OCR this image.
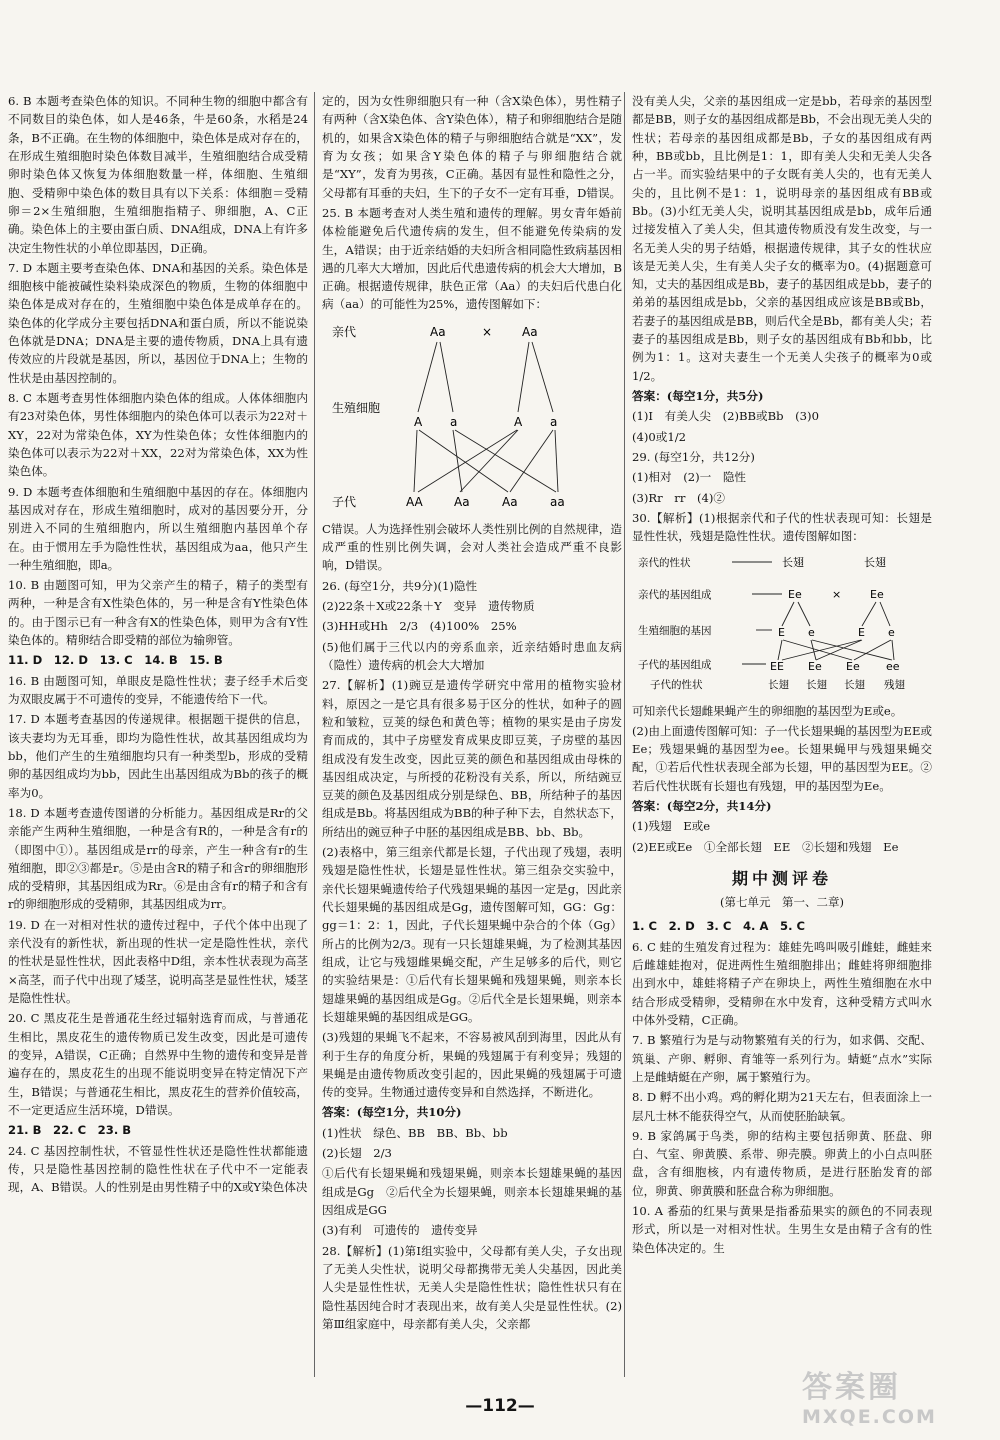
6. B 本题考查染色体的知识。不同种生物的细胞中都含有不同数目的染色体，如人是46条，牛是60条，水稻是24条，B不正确。在生物的体细胞中，染色体是成对存在的，在形成生殖细胞时染色体数目减半，生殖细胞结合成受精卵时染色体又恢复为体细胞数量一样，体细胞、生殖细胞、受精卵中染色体的数目具有以下关系：体细胞＝受精卵＝2×生殖细胞，生殖细胞指精子、卵细胞，A、C正确。染色体上的主要由蛋白质、DNA组成，DNA上有许多决定生物性状的小单位即基因，D正确。

7. D 本题主要考查染色体、DNA和基因的关系。染色体是细胞核中能被碱性染料染成深色的物质，生物的体细胞中染色体是成对存在的，生殖细胞中染色体是成单存在的。染色体的化学成分主要包括DNA和蛋白质，所以不能说染色体就是DNA；DNA是主要的遗传物质，DNA上具有遗传效应的片段就是基因，所以，基因位于DNA上；生物的性状是由基因控制的。

8. C 本题考查男性体细胞内染色体的组成。人体体细胞内有23对染色体，男性体细胞内的染色体可以表示为22对＋XY，22对为常染色体，XY为性染色体；女性体细胞内的染色体可以表示为22对＋XX，22对为常染色体，XX为性染色体。

9. D 本题考查体细胞和生殖细胞中基因的存在。体细胞内基因成对存在，形成生殖细胞时，成对的基因要分开，分别进入不同的生殖细胞内，所以生殖细胞内基因单个存在。由于惯用左手为隐性性状，基因组成为aa，他只产生一种生殖细胞，即a。

10. B 由题图可知，甲为父亲产生的精子，精子的类型有两种，一种是含有X性染色体的，另一种是含有Y性染色体的。由于图示已有一种含有X的性染色体，则甲为含有Y性染色体的。精卵结合即受精的部位为输卵管。

11. D　12. D　13. C　14. B　15. B

16. B 由题图可知，单眼皮是隐性性状；妻子经手术后变为双眼皮属于不可遗传的变异，不能遗传给下一代。

17. D 本题考查基因的传递规律。根据题干提供的信息，该夫妻均为无耳垂，即均为隐性性状，故其基因组成均为bb，他们产生的生殖细胞均只有一种类型b，形成的受精卵的基因组成均为bb，因此生出基因组成为Bb的孩子的概率为0。

18. D 本题考查遗传图谱的分析能力。基因组成是Rr的父亲能产生两种生殖细胞，一种是含有R的，一种是含有r的（即图中①）。基因组成是rr的母亲，产生一种含有r的生殖细胞，即②③都是r。⑤是由含R的精子和含r的卵细胞形成的受精卵，其基因组成为Rr。⑥是由含有r的精子和含有r的卵细胞形成的受精卵，其基因组成为rr。

19. D 在一对相对性状的遗传过程中，子代个体中出现了亲代没有的新性状，新出现的性状一定是隐性性状，亲代的性状是显性性状，因此表格中D组，亲本性状表现为高茎×高茎，而子代中出现了矮茎，说明高茎是显性性状，矮茎是隐性性状。

20. C 黑皮花生是普通花生经过辐射选育而成，与普通花生相比，黑皮花生的遗传物质已发生改变，因此是可遗传的变异，A错误，C正确；自然界中生物的遗传和变异是普遍存在的，黑皮花生的出现不能说明变异在特定情况下产生，B错误；与普通花生相比，黑皮花生的营养价值较高，不一定更适应生活环境，D错误。

21. B　22. C　23. B

24. C 基因控制性状，不管显性性状还是隐性性状都能遗传，只是隐性基因控制的隐性性状在子代中不一定能表现，A、B错误。人的性别是由男性精子中的X或Y染色体决

定的，因为女性卵细胞只有一种（含X染色体），男性精子有两种（含X染色体、含Y染色体），精子和卵细胞结合是随机的，如果含X染色体的精子与卵细胞结合就是“XX”，发育为女孩；如果含Y染色体的精子与卵细胞结合就是“XY”，发育为男孩，C正确。基因有显性和隐性之分，父母都有耳垂的夫妇，生下的子女不一定有耳垂，D错误。

25. B 本题考查对人类生殖和遗传的理解。男女青年婚前体检能避免后代遗传病的发生，但不能避免传染病的发生，A错误；由于近亲结婚的夫妇所含相同隐性致病基因相遇的几率大大增加，因此后代患遗传病的机会大大增加，B正确。根据遗传规律，肤色正常（Aa）的夫妇后代患白化病（aa）的可能性为25%，遗传图解如下：

亲代
生殖细胞
子代
Aa	× Aa
A a	A a
AA	Aa	Aa	aa

C错误。人为选择性别会破坏人类性别比例的自然规律，造成严重的性别比例失调，会对人类社会造成严重不良影响，D错误。

26. (每空1分，共9分)(1)隐性

(2)22条＋X或22条＋Y　变异　遗传物质

(3)HH或Hh　2/3　(4)100%　25%

(5)他们属于三代以内的旁系血亲，近亲结婚时患血友病（隐性）遗传病的机会大大增加

27.【解析】(1)豌豆是遗传学研究中常用的植物实验材料，原因之一是它具有很多易于区分的性状，如种子的圆粒和皱粒，豆荚的绿色和黄色等；植物的果实是由子房发育而成的，其中子房壁发育成果皮即豆荚，子房壁的基因组成没有发生改变，因此豆荚的颜色和基因组成由母株的基因组成决定，与所授的花粉没有关系，所以，所结豌豆豆荚的颜色及基因组成分别是绿色、BB，所结种子的基因组成是Bb。将基因组成为BB的种子种下去，自然状态下，所结出的豌豆种子中胚的基因组成是BB、bb、Bb。

(2)表格中，第三组亲代都是长翅，子代出现了残翅，表明残翅是隐性性状，长翅是显性性状。第三组杂交实验中，亲代长翅果蝇遗传给子代残翅果蝇的基因一定是g，因此亲代长翅果蝇的基因组成是Gg，遗传图解可知，GG：Gg：gg＝1：2：1，因此，子代长翅果蝇中杂合的个体（Gg）所占的比例为2/3。现有一只长翅雄果蝇，为了检测其基因组成，让它与残翅雌果蝇交配，产生足够多的后代，则它的实验结果是：①后代有长翅果蝇和残翅果蝇，则亲本长翅雄果蝇的基因组成是Gg。②后代全是长翅果蝇，则亲本长翅雄果蝇的基因组成是GG。

(3)残翅的果蝇飞不起来，不容易被风刮到海里，因此从有利于生存的角度分析，果蝇的残翅属于有利变异；残翅的果蝇是由遗传物质改变引起的，因此果蝇的残翅属于可遗传的变异。生物通过遗传变异和自然选择，不断进化。

答案：(每空1分，共10分)

(1)性状　绿色、BB　BB、Bb、bb

(2)长翅　2/3

①后代有长翅果蝇和残翅果蝇，则亲本长翅雄果蝇的基因组成是Gg　②后代全为长翅果蝇，则亲本长翅雄果蝇的基因组成是GG

(3)有利　可遗传的　遗传变异

28.【解析】(1)第Ⅰ组实验中，父母都有美人尖，子女出现了无美人尖性状，说明父母都携带无美人尖基因，因此美人尖是显性性状，无美人尖是隐性性状；隐性性状只有在隐性基因纯合时才表现出来，故有美人尖是显性性状。(2)第Ⅲ组家庭中，母亲都有美人尖，父亲都

没有美人尖，父亲的基因组成一定是bb，若母亲的基因型都是BB，则子女的基因组成都是Bb，不会出现无美人尖的性状；若母亲的基因组成都是Bb，子女的基因组成有两种，BB或bb，且比例是1：1，即有美人尖和无美人尖各占一半。而实验结果中的子女既有美人尖的，也有无美人尖的，且比例不是1：1，说明母亲的基因组成有BB或Bb。(3)小红无美人尖，说明其基因组成是bb，成年后通过接发植入了美人尖，但其遗传物质没有发生改变，与一名无美人尖的男子结婚，根据遗传规律，其子女的性状应该是无美人尖，生有美人尖子女的概率为0。(4)据题意可知，丈夫的基因组成是Bb，妻子的基因组成是bb，妻子的弟弟的基因组成是bb，父亲的基因组成应该是BB或Bb，若妻子的基因组成是BB，则后代全是Bb，都有美人尖；若妻子的基因组成是Bb，则子女的基因组成有Bb和bb，比例为1：1。这对夫妻生一个无美人尖孩子的概率为0或1/2。

答案：(每空1分，共5分)

(1)Ⅰ　有美人尖　(2)BB或Bb　(3)0

(4)0或1/2

29. (每空1分，共12分)

(1)相对　(2)一　隐性

(3)Rr　rr　(4)②

30.【解析】(1)根据亲代和子代的性状表现可知：长翅是显性性状，残翅是隐性性状。遗传图解如图：

亲代的性状
亲代的基因组成
生殖细胞的基因
子代的基因组成
子代的性状
长翅	长翅
Ee	×	Ee
E e	E e
EE Ee Ee ee
长翅 长翅 长翅 残翅

可知亲代长翅雌果蝇产生的卵细胞的基因型为E或e。

(2)由上面遗传图解可知：子一代长翅果蝇的基因型为EE或Ee；残翅果蝇的基因型为ee。长翅果蝇甲与残翅果蝇交配，①若后代性状表现全部为长翅，甲的基因型为EE。②若后代性状既有长翅也有残翅，甲的基因型为Ee。

答案：(每空2分，共14分)

(1)残翅　E或e

(2)EE或Ee　①全部长翅　EE　②长翅和残翅　Ee

期中测评卷
(第七单元　第一、二章)

1. C　2. D　3. C　4. A　5. C

6. C 蛙的生殖发育过程为：雄蛙先鸣叫吸引雌蛙，雌蛙来后雌雄蛙抱对，促进两性生殖细胞排出；雌蛙将卵细胞排出到水中，雄蛙将精子产在卵块上，两性生殖细胞在水中结合形成受精卵，受精卵在水中发育，这种受精方式叫水中体外受精，C正确。

7. B 繁殖行为是与动物繁殖有关的行为，如求偶、交配、筑巢、产卵、孵卵、育雏等一系列行为。蜻蜓“点水”实际上是雌蜻蜓在产卵，属于繁殖行为。

8. D 孵不出小鸡。鸡的孵化期为21天左右，但表面涂上一层凡士林不能获得空气，从而使胚胎缺氧。

9. B 家鸽属于鸟类，卵的结构主要包括卵黄、胚盘、卵白、气室、卵黄膜、系带、卵壳膜。卵黄上的小白点叫胚盘，含有细胞核，内有遗传物质，是进行胚胎发育的部位，卵黄、卵黄膜和胚盘合称为卵细胞。

10. A 番茄的红果与黄果是指番茄果实的颜色的不同表现形式，所以是一对相对性状。生男生女是由精子含有的性染色体决定的。生

—112—
答案圈
MXQE.COM
